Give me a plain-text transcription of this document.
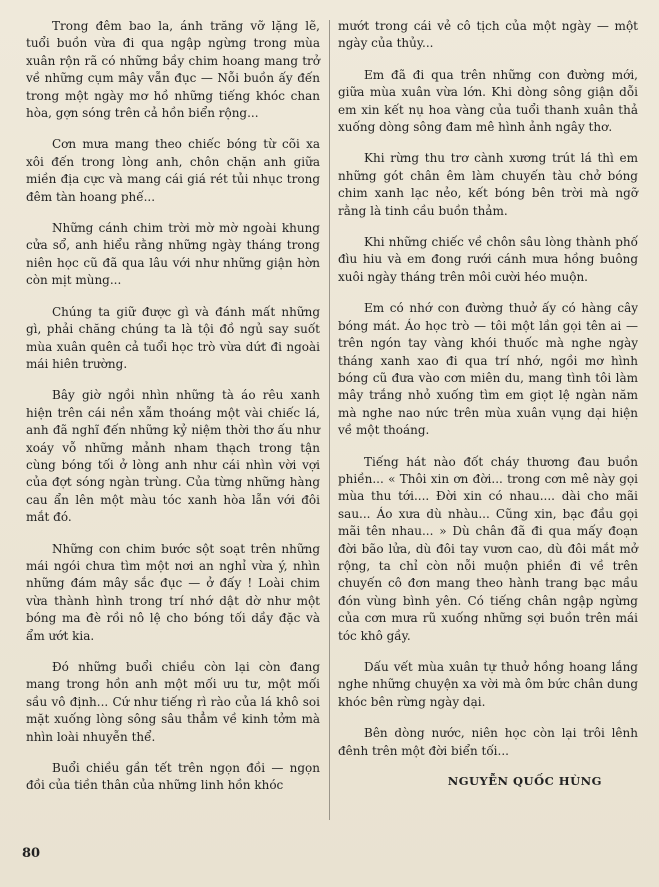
Trong đêm bao la, ánh trăng vỡ lặng lẽ, tuổi buồn vừa đi qua ngập ngừng trong mùa xuân rộn rã có những bầy chim hoang mang trở về những cụm mây vẫn đục — Nỗi buồn ấy đến trong một ngày mơ hồ những tiếng khóc chan hòa, gợn sóng trên cả hồn biển rộng...

Cơn mưa mang theo chiếc bóng từ cõi xa xôi đến trong lòng anh, chôn chặn anh giữa miền địa cực và mang cái giá rét tủi nhục trong đêm tàn hoang phế...

Những cánh chim trời mờ mờ ngoài khung cửa sổ, anh hiểu rằng những ngày tháng trong niên học cũ đã qua lâu với như những giận hờn còn mịt mùng...

Chúng ta giữ được gì và đánh mất những gì, phải chăng chúng ta là tội đồ ngủ say suốt mùa xuân quên cả tuổi học trò vừa dứt đi ngoài mái hiên trường.

Bây giờ ngồi nhìn những tà áo rêu xanh hiện trên cái nền xẫm thoáng một vài chiếc lá, anh đã nghĩ đến những kỷ niệm thời thơ ấu như xoáy vỗ những mảnh nham thạch trong tận cùng bóng tối ở lòng anh như cái nhìn vời vợi của đợt sóng ngàn trùng. Của từng những hàng cau ẩn lên một màu tóc xanh hòa lẫn với đôi mắt đó.

Những con chim bước sột soạt trên những mái ngói chưa tìm một nơi an nghỉ vừa ý, nhìn những đám mây sắc đục — ở đấy ! Loài chim vừa thành hình trong trí nhớ dật dờ như một bóng ma đè rồi nô lệ cho bóng tối dầy đặc và ẩm ướt kia.

Đó những buổi chiều còn lại còn đang mang trong hồn anh một mối ưu tư, một mối sầu vô định... Cứ như tiếng rì rào của lá khô soi mặt xuống lòng sông sâu thẳm về kinh tởm mà nhìn loài nhuyễn thể.

Buổi chiều gần tết trên ngọn đồi — ngọn đồi của tiền thân của những linh hồn khóc

mướt trong cái vẻ cô tịch của một ngày — một ngày của thủy...

Em đã đi qua trên những con đường mới, giữa mùa xuân vừa lớn. Khi dòng sông giận dỗi em xin kết nụ hoa vàng của tuổi thanh xuân thả xuống dòng sông đam mê hình ảnh ngây thơ.

Khi rừng thu trơ cành xương trút lá thì em những gót chân êm làm chuyến tàu chở bóng chim xanh lạc nẻo, kết bóng bên trời mà ngỡ rằng là tinh cầu buồn thảm.

Khi những chiếc về chôn sâu lòng thành phố đìu hiu và em đong rưới cánh mưa hồng buông xuôi ngày tháng trên môi cười héo muộn.

Em có nhớ con đường thuở ấy có hàng cây bóng mát. Áo học trò — tôi một lần gọi tên ai — trên ngón tay vàng khói thuốc mà nghe ngày tháng xanh xao đi qua trí nhớ, ngồi mơ hình bóng cũ đưa vào cơn miên du, mang tình tôi làm mây trắng nhỏ xuống tìm em giọt lệ ngàn năm mà nghe nao nức trên mùa xuân vụng dại hiện về một thoáng.

Tiếng hát nào đốt cháy thương đau buồn phiền... « Thôi xin ơn đời... trong cơn mê này gọi mùa thu tới.... Đời xin có nhau.... dài cho mãi sau... Áo xưa dù nhàu... Cũng xin, bạc đầu gọi mãi tên nhau... » Dù chân đã đi qua mấy đoạn đời bão lửa, dù đôi tay vươn cao, dù đôi mắt mở rộng, ta chỉ còn nỗi muộn phiền đi về trên chuyến cô đơn mang theo hành trang bạc mầu đón vùng bình yên. Có tiếng chân ngập ngừng của cơn mưa rũ xuống những sợi buồn trên mái tóc khô gầy.

Dấu vết mùa xuân tự thuở hồng hoang lắng nghe những chuyện xa vời mà ôm bức chân dung khóc bên rừng ngày dại.

Bên dòng nước, niên học còn lại trôi lênh đênh trên một đời biển tối...

NGUYỄN QUỐC HÙNG
80
